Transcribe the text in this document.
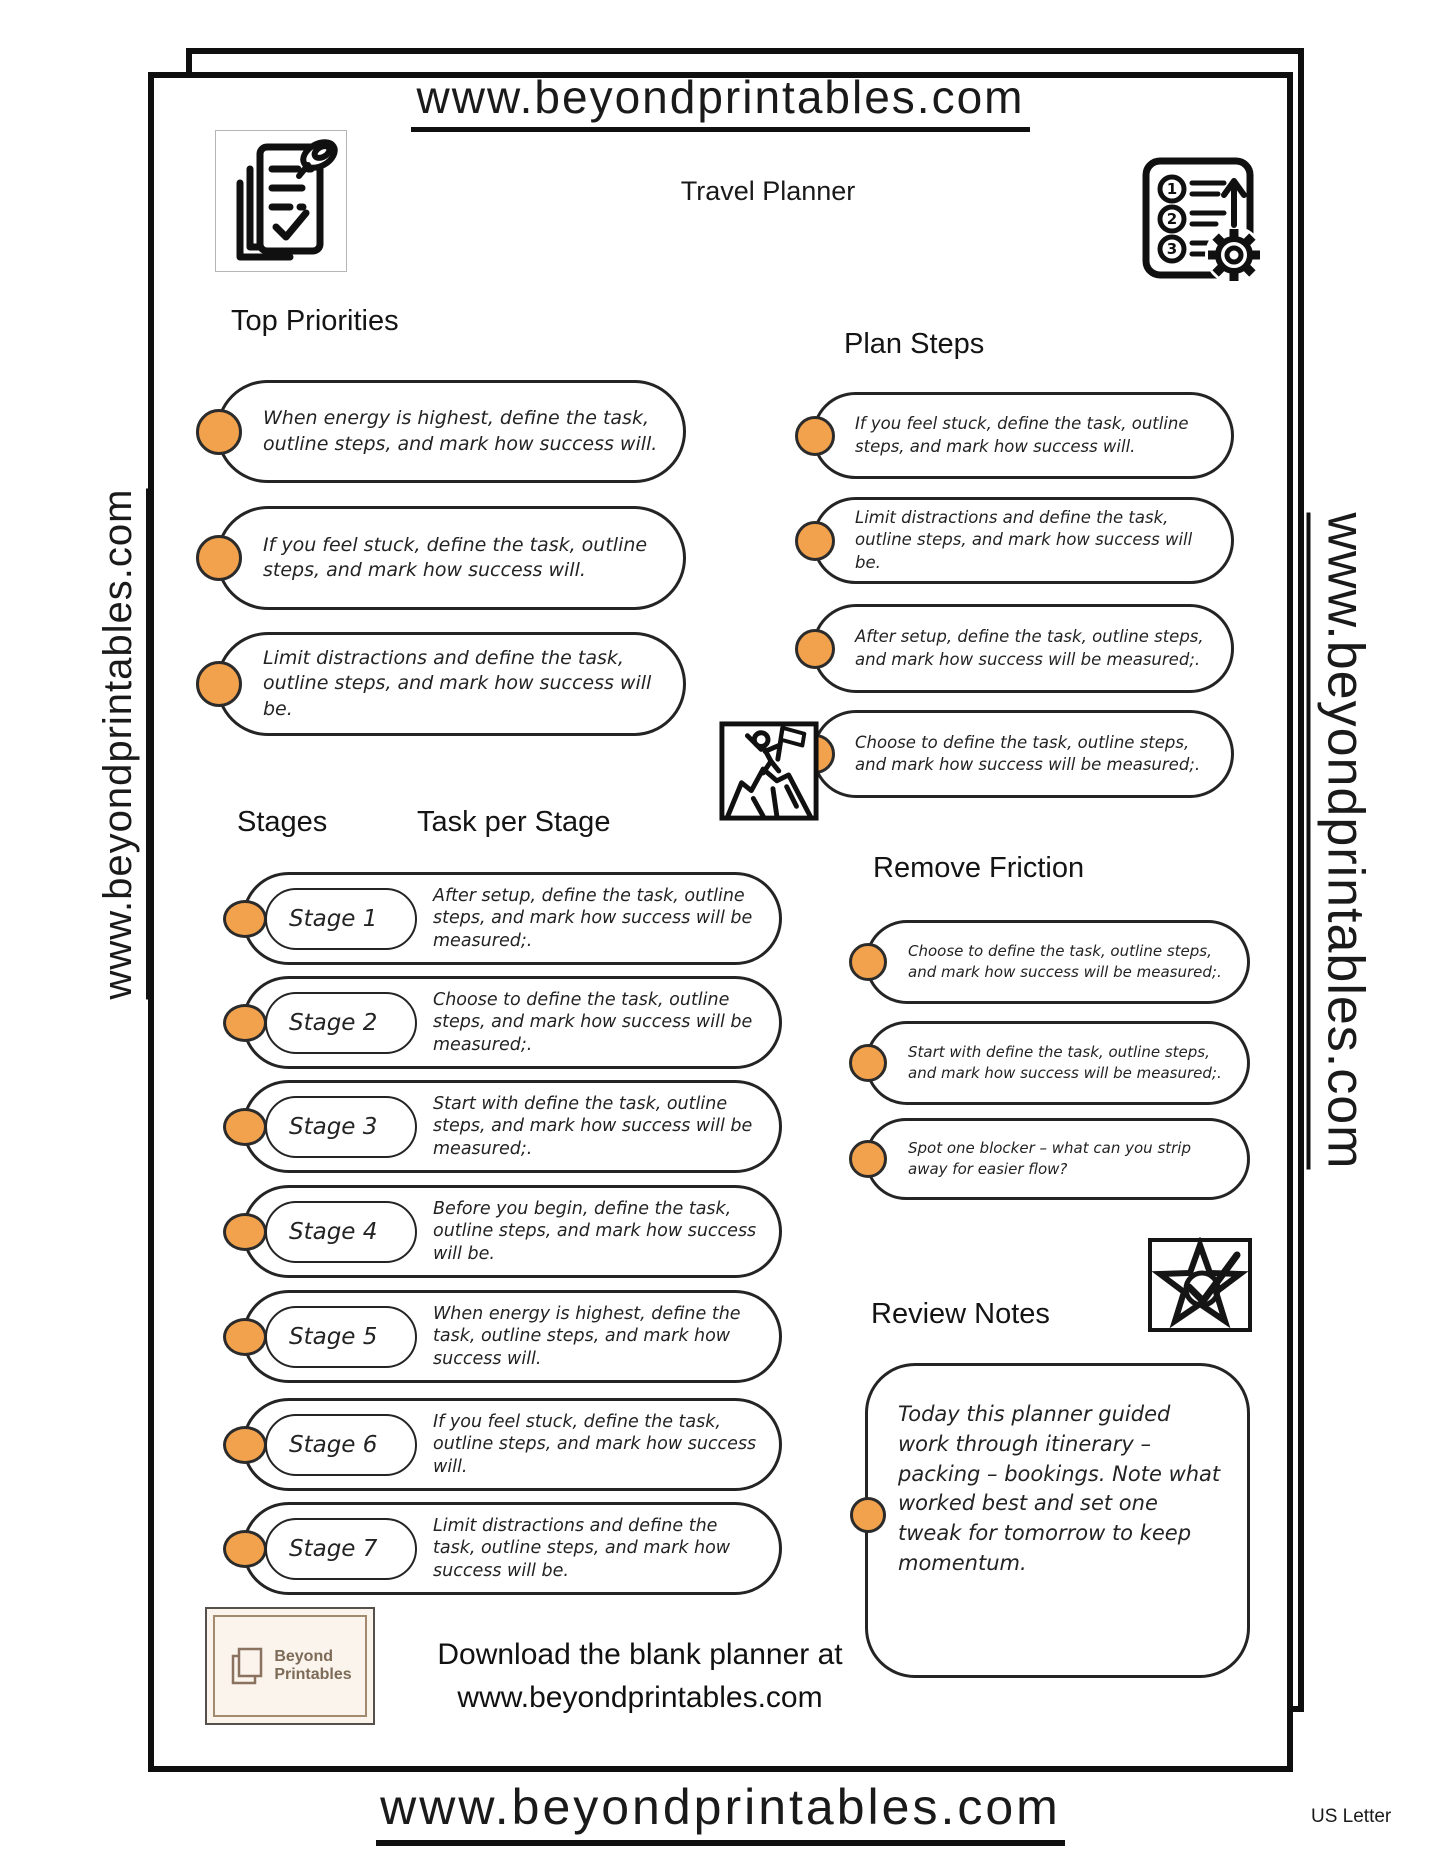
www.beyondprintables.com
www.beyondprintables.com	www.beyondprintables.com
Travel Planner	1
2
3
Top Priorities
When energy is highest, define the task, outline steps, and mark how success will.
If you feel stuck, define the task, outline steps, and mark how success will.
Limit distractions and define the task, outline steps, and mark how success will be.
Plan Steps
If you feel stuck, define the task, outline steps, and mark how success will.
Limit distractions and define the task, outline steps, and mark how success will be.
After setup, define the task, outline steps, and mark how success will be measured;.
Choose to define the task, outline steps, and mark how success will be measured;.
Stages	Task per Stage
Stage 1
After setup, define the task, outline steps, and mark how success will be measured;.
Stage 2
Choose to define the task, outline steps, and mark how success will be measured;.
Stage 3
Start with define the task, outline steps, and mark how success will be measured;.
Stage 4
Before you begin, define the task, outline steps, and mark how success will be.
Stage 5
When energy is highest, define the task, outline steps, and mark how success will.
Stage 6
If you feel stuck, define the task, outline steps, and mark how success will.
Stage 7
Limit distractions and define the task, outline steps, and mark how success will be.
Remove Friction
Choose to define the task, outline steps, and mark how success will be measured;.
Start with define the task, outline steps, and mark how success will be measured;.
Spot one blocker – what can you strip away for easier flow?
Review Notes
Today this planner guided work through itinerary – packing – bookings. Note what worked best and set one tweak for tomorrow to keep momentum.
Beyond
Printables
Download the blank planner at
www.beyondprintables.com
www.beyondprintables.com	US Letter
